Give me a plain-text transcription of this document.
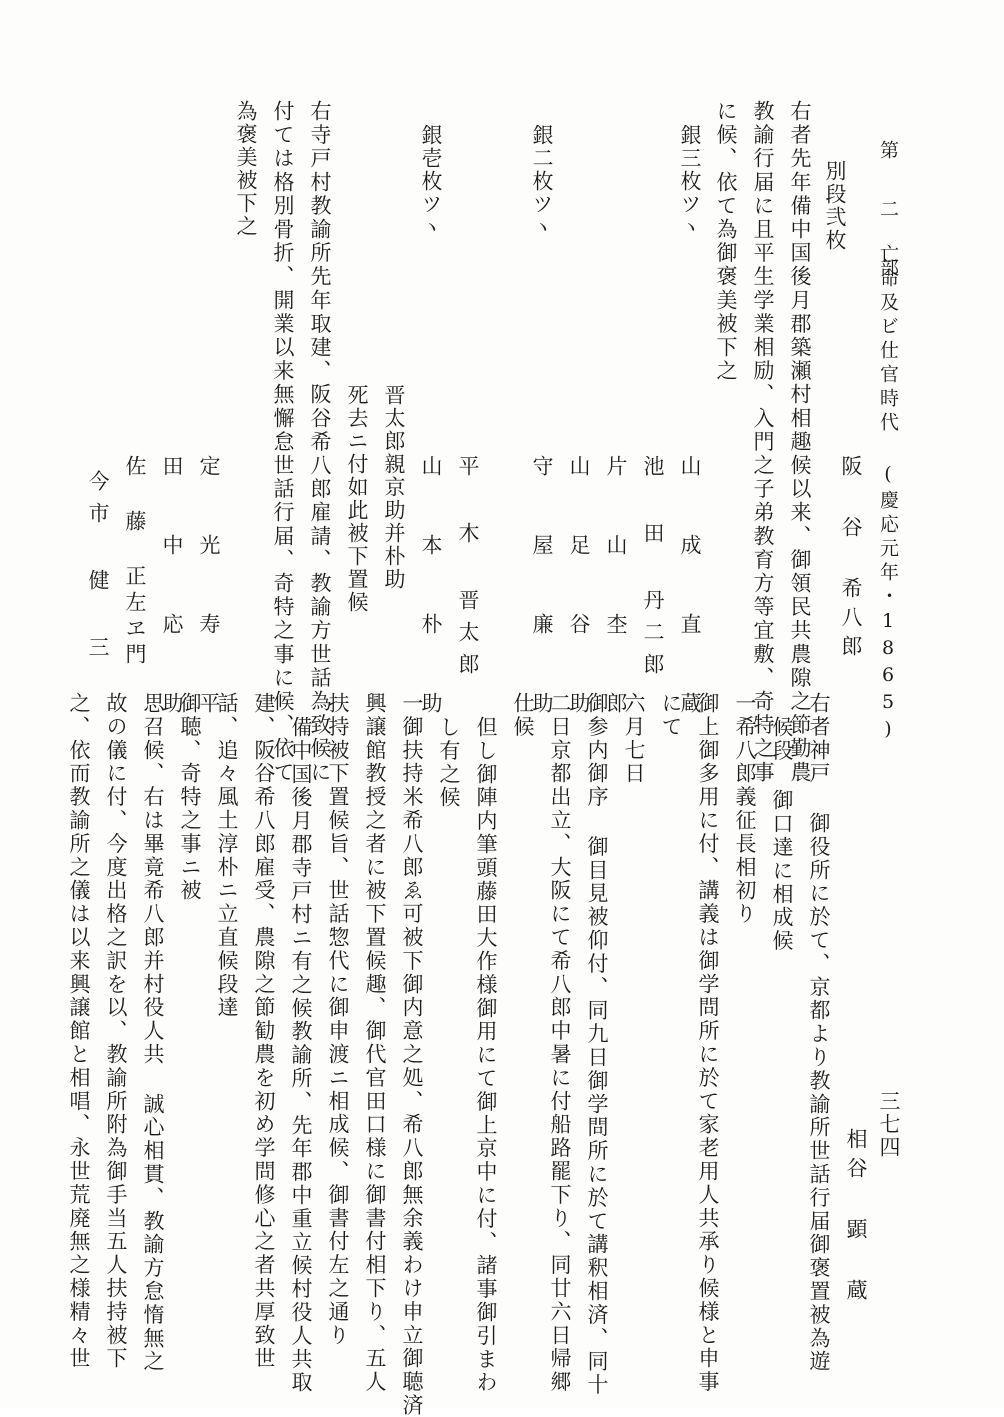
第 二 部
亡命及ビ仕官時代 (慶応元年・1865)
三七四
阪 谷 希八郎
別段弐枚
右者先年備中国後月郡築瀬村相趣候以来、御領民共農隙之節勤農
教諭行届に且平生学業相励、入門之子弟教育方等宜敷、奇特之事
に候、依て為御褒美被下之
銀三枚ツヽ
山 成 直 蔵
池 田 丹二郎
片 山 杢 郎
銀二枚ツヽ
山 足 谷 助
守 屋 廉 助
銀壱枚ツヽ
平 木 晋太郎
山 本 朴 助
晋太郎親京助并朴助
死去ニ付如此被下置候
右寺戸村教諭所先年取建、阪谷希八郎雇請、教諭方世話為致候に
付ては格別骨折、開業以来無懈怠世話行届、奇特之事に候、依て
為褒美被下之
定 光 寿 平
田 中 応 助
佐 藤 正左ヱ門
今市 健 三
相谷 顕 蔵
右者神戸 御役所に於て、京都より教諭所世話行届御褒置被為遊
候段 御口達に相成候
一希八郎義征長相初り
御上御多用に付、講義は御学問所に於て家老用人共承り候様と申事
にて
六月七日
御参内御序 御目見被仰付、同九日御学問所に於て講釈相済、同十
二日京都出立、大阪にて希八郎中暑に付船路罷下り、同廿六日帰郷
仕候
但し御陣内筆頭藤田大作様御用にて御上京中に付、諸事御引まわ
し有之候
一御扶持米希八郎ゑ可被下御内意之処、希八郎無余義わけ申立御聴済
興譲館教授之者に被下置候趣、御代官田口様に御書付相下り、五人
扶持被下置候旨、世話惣代に御申渡ニ相成候、御書付左之通り
備中国後月郡寺戸村ニ有之候教諭所、先年郡中重立候村役人共取
建、阪谷希八郎雇受、農隙之節勧農を初め学問修心之者共厚致世
話、追々風土淳朴ニ立直候段達
御聴、奇特之事ニ被
思召候、右は畢竟希八郎并村役人共 誠心相貫、教諭方怠惰無之
故の儀に付、今度出格之訳を以、教諭所附為御手当五人扶持被下
之、依而教諭所之儀は以来興譲館と相唱、永世荒廃無之様精々世
